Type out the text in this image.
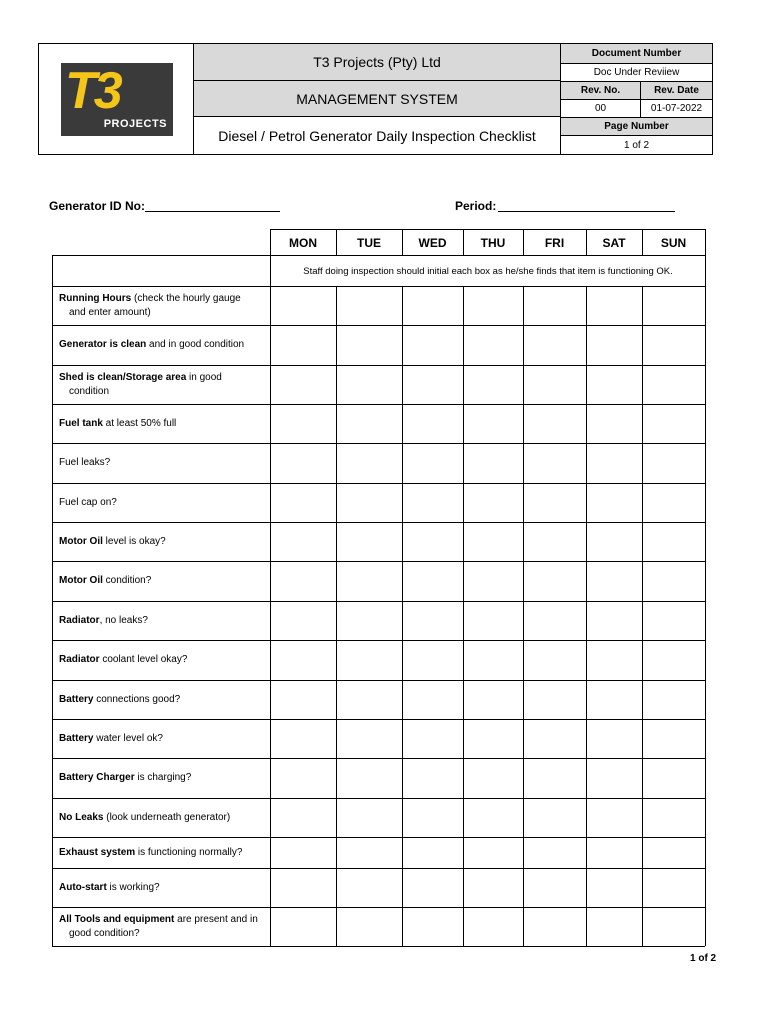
T3
PROJECTS
T3 Projects (Pty) Ltd
MANAGEMENT SYSTEM
Diesel / Petrol Generator Daily Inspection Checklist
Document Number
Doc Under Reviiew
Rev. No.	Rev. Date
00	01-07-2022
Page Number
1 of 2
Generator ID No:	Period:
MON	TUE	WED	THU	FRI	SAT	SUN
Staff doing inspection should initial each box as he/she finds that item is functioning OK.
Running Hours (check the hourly gauge
and enter amount)
Generator is clean and in good condition
Shed is clean/Storage area in good
condition
Fuel tank at least 50% full
Fuel leaks?
Fuel cap on?
Motor Oil level is okay?
Motor Oil condition?
Radiator, no leaks?
Radiator coolant level okay?
Battery connections good?
Battery water level ok?
Battery Charger is charging?
No Leaks (look underneath generator)
Exhaust system is functioning normally?
Auto-start is working?
All Tools and equipment are present and in
good condition?
1 of 2
